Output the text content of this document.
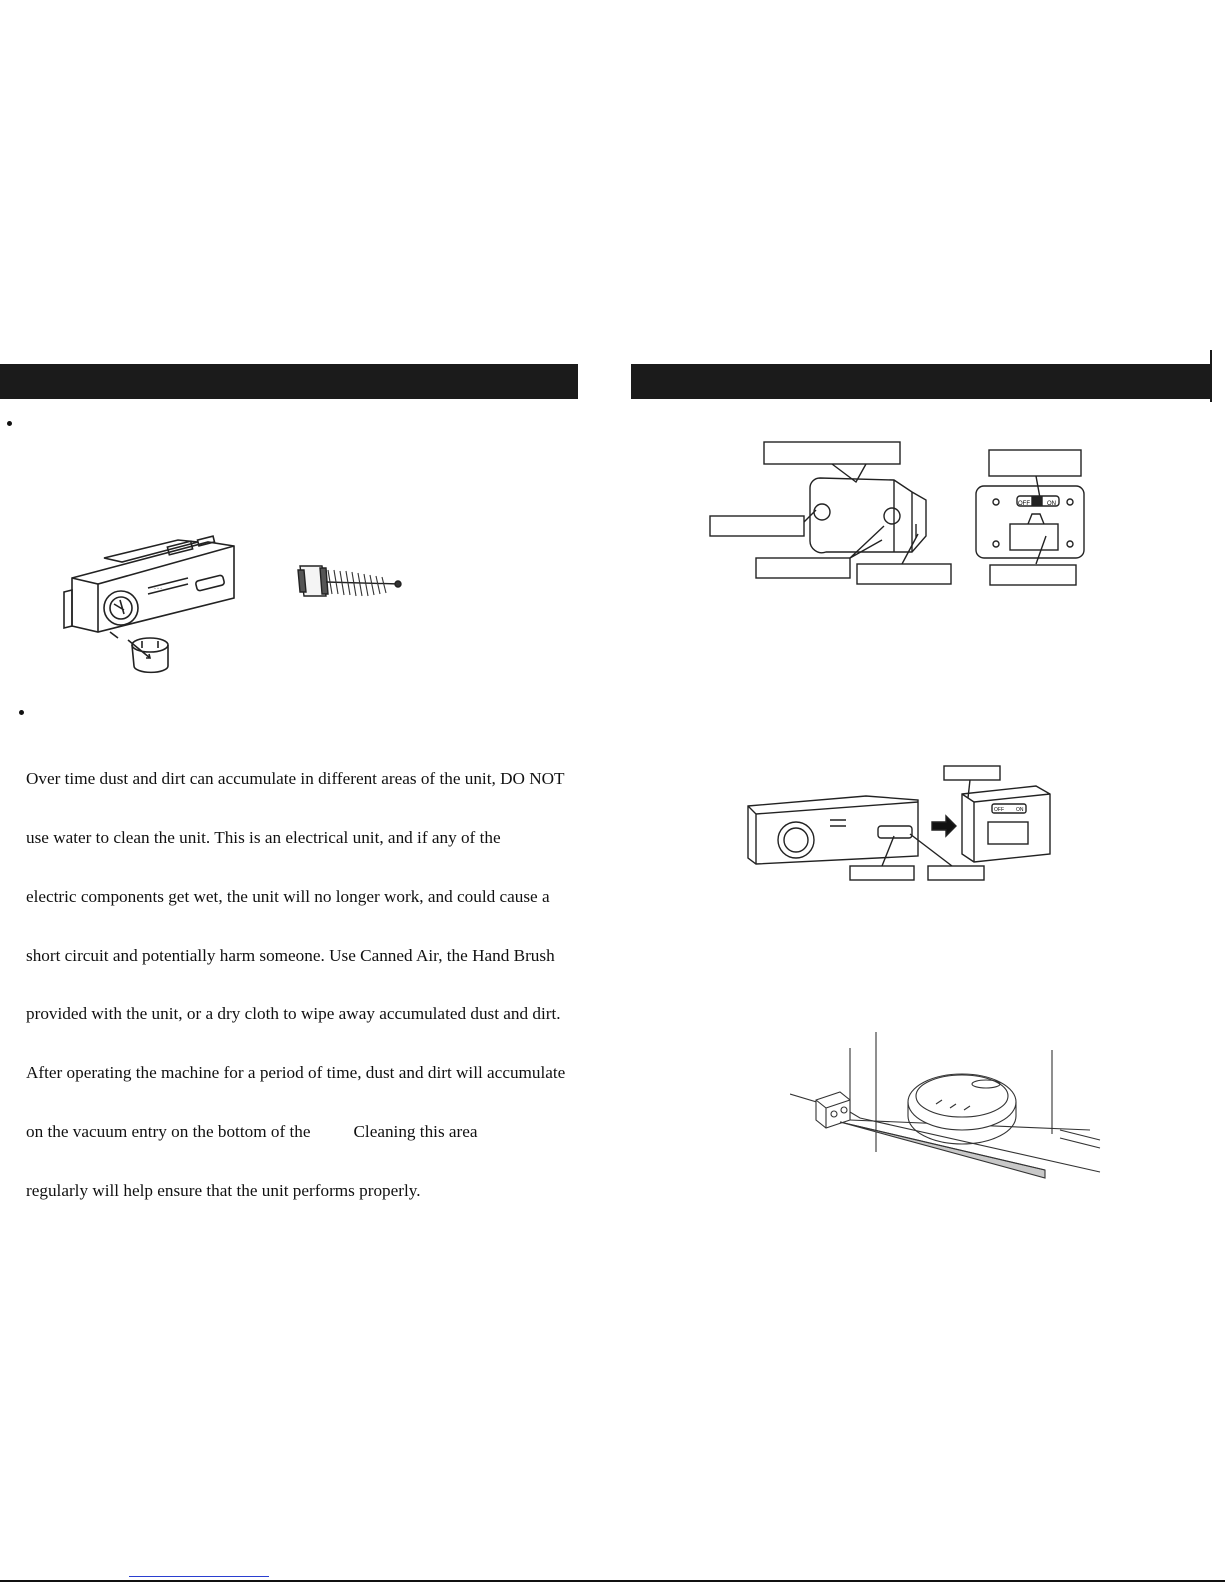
◦ ◦ ◦

Over time dust and dirt can accumulate in different areas of the unit, DO NOT

use water to clean the unit. This is an electrical unit, and if any of the

electric components get wet, the unit will no longer work, and could cause a

short circuit and potentially harm someone. Use Canned Air, the Hand Brush

provided with the unit, or a dry cloth to wipe away accumulated dust and dirt.

After operating the machine for a period of time, dust and dirt will accumulate

on the vacuum entry on the bottom of the          Cleaning this area

regularly will help ensure that the unit performs properly.

OFF	ON
OFF ON
